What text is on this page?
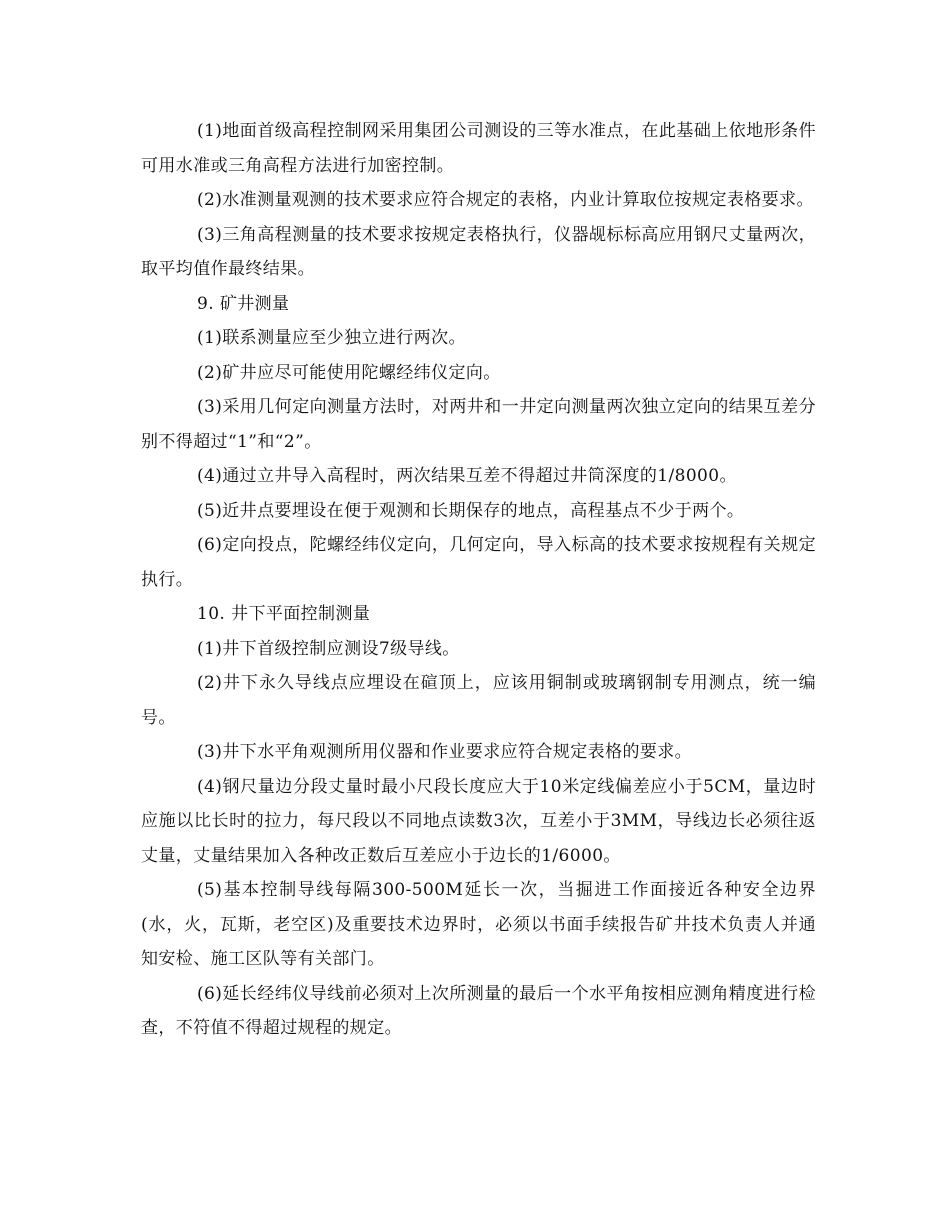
(1)地面首级高程控制网采用集团公司测设的三等水准点，在此基础上依地形条件可用水准或三角高程方法进行加密控制。

(2)水准测量观测的技术要求应符合规定的表格，内业计算取位按规定表格要求。

(3)三角高程测量的技术要求按规定表格执行，仪器觇标标高应用钢尺丈量两次，取平均值作最终结果。

9. 矿井测量

(1)联系测量应至少独立进行两次。

(2)矿井应尽可能使用陀螺经纬仪定向。

(3)采用几何定向测量方法时，对两井和一井定向测量两次独立定向的结果互差分别不得超过“1”和“2”。

(4)通过立井导入高程时，两次结果互差不得超过井筒深度的1/8000。

(5)近井点要埋设在便于观测和长期保存的地点，高程基点不少于两个。

(6)定向投点，陀螺经纬仪定向，几何定向，导入标高的技术要求按规程有关规定执行。

10. 井下平面控制测量

(1)井下首级控制应测设7级导线。

(2)井下永久导线点应埋设在碹顶上，应该用铜制或玻璃钢制专用测点，统一编号。

(3)井下水平角观测所用仪器和作业要求应符合规定表格的要求。

(4)钢尺量边分段丈量时最小尺段长度应大于10米定线偏差应小于5CM，量边时应施以比长时的拉力，每尺段以不同地点读数3次，互差小于3MM，导线边长必须往返丈量，丈量结果加入各种改正数后互差应小于边长的1/6000。

(5)基本控制导线每隔300-500M延长一次，当掘进工作面接近各种安全边界(水，火，瓦斯，老空区)及重要技术边界时，必须以书面手续报告矿井技术负责人并通知安检、施工区队等有关部门。

(6)延长经纬仪导线前必须对上次所测量的最后一个水平角按相应测角精度进行检查，不符值不得超过规程的规定。
